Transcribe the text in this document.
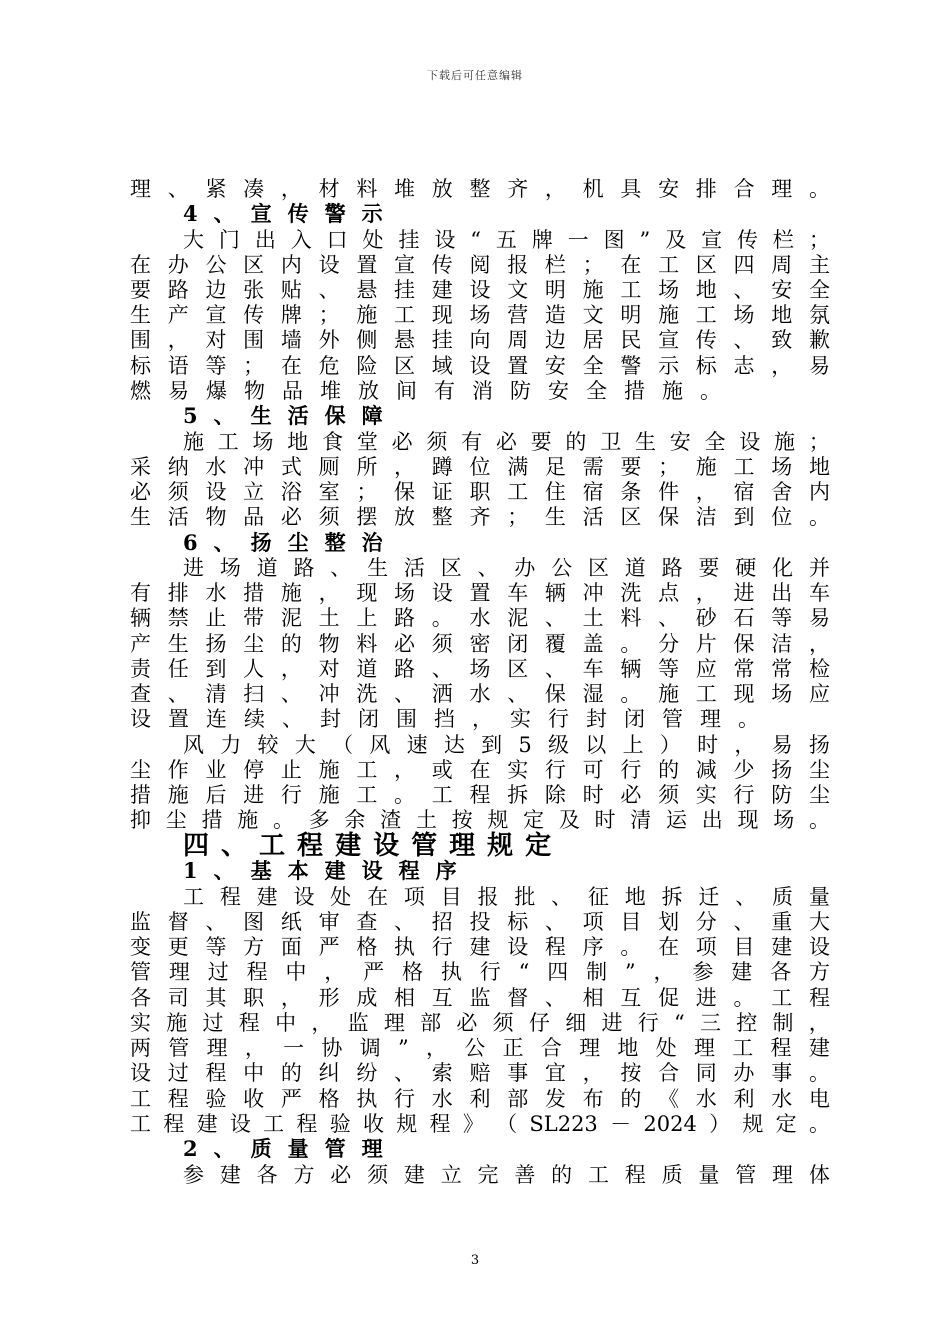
下载后可任意编辑
理 、 紧 凑 ， 材 料 堆 放 整 齐 ， 机 具 安 排 合 理 。
4 、 宣 传 警 示
大 门 出 入 口 处 挂 设 “ 五 牌 一 图 ” 及 宣 传 栏 ；
在 办 公 区 内 设 置 宣 传 阅 报 栏 ； 在 工 区 四 周 主
要 路 边 张 贴 、 悬 挂 建 设 文 明 施 工 场 地 、 安 全
生 产 宣 传 牌 ； 施 工 现 场 营 造 文 明 施 工 场 地 氛
围 ， 对 围 墙 外 侧 悬 挂 向 周 边 居 民 宣 传 、 致 歉
标 语 等 ； 在 危 险 区 域 设 置 安 全 警 示 标 志 ， 易
燃 易 爆 物 品 堆 放 间 有 消 防 安 全 措 施 。
5 、 生 活 保 障
施 工 场 地 食 堂 必 须 有 必 要 的 卫 生 安 全 设 施 ；
采 纳 水 冲 式 厕 所 ， 蹲 位 满 足 需 要 ； 施 工 场 地
必 须 设 立 浴 室 ； 保 证 职 工 住 宿 条 件 ， 宿 舍 内
生 活 物 品 必 须 摆 放 整 齐 ； 生 活 区 保 洁 到 位 。
6 、 扬 尘 整 治
进 场 道 路 、 生 活 区 、 办 公 区 道 路 要 硬 化 并
有 排 水 措 施 ， 现 场 设 置 车 辆 冲 洗 点 ， 进 出 车
辆 禁 止 带 泥 土 上 路 。 水 泥 、 土 料 、 砂 石 等 易
产 生 扬 尘 的 物 料 必 须 密 闭 覆 盖 。 分 片 保 洁 ，
责 任 到 人 ， 对 道 路 、 场 区 、 车 辆 等 应 常 常 检
查 、 清 扫 、 冲 洗 、 洒 水 、 保 湿 。 施 工 现 场 应
设 置 连 续 、 封 闭 围 挡 ， 实 行 封 闭 管 理 。
风 力 较 大 （ 风 速 达 到 5 级 以 上 ） 时 ， 易 扬
尘 作 业 停 止 施 工 ， 或 在 实 行 可 行 的 减 少 扬 尘
措 施 后 进 行 施 工 。 工 程 拆 除 时 必 须 实 行 防 尘
抑 尘 措 施 。 多 余 渣 土 按 规 定 及 时 清 运 出 现 场 。
四 、 工 程 建 设 管 理 规 定
1 、 基 本 建 设 程 序
工 程 建 设 处 在 项 目 报 批 、 征 地 拆 迁 、 质 量
监 督 、 图 纸 审 查 、 招 投 标 、 项 目 划 分 、 重 大
变 更 等 方 面 严 格 执 行 建 设 程 序 。 在 项 目 建 设
管 理 过 程 中 ， 严 格 执 行 “ 四 制 ” ， 参 建 各 方
各 司 其 职 ， 形 成 相 互 监 督 、 相 互 促 进 。 工 程
实 施 过 程 中 ， 监 理 部 必 须 仔 细 进 行 “ 三 控 制 ，
两 管 理 ， 一 协 调 ” ， 公 正 合 理 地 处 理 工 程 建
设 过 程 中 的 纠 纷 、 索 赔 事 宜 ， 按 合 同 办 事 。
工 程 验 收 严 格 执 行 水 利 部 发 布 的 《 水 利 水 电
工 程 建 设 工 程 验 收 规 程 》 （ SL223 － 2024 ） 规 定 。
2 、 质 量 管 理
参 建 各 方 必 须 建 立 完 善 的 工 程 质 量 管 理 体
3
